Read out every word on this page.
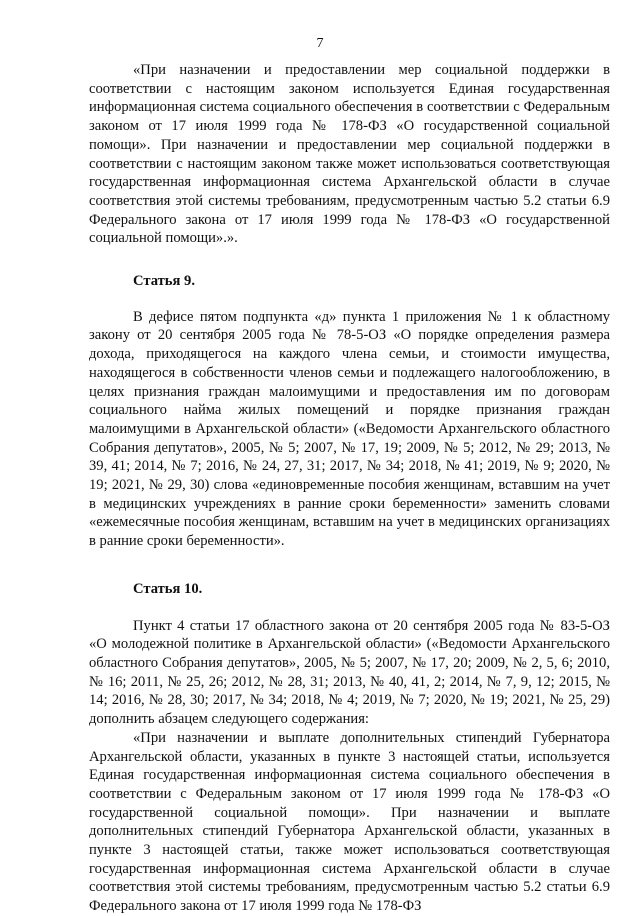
7

«При назначении и предоставлении мер социальной поддержки в соответствии с настоящим законом используется Единая государственная информационная система социального обеспечения в соответствии с Федеральным законом от 17 июля 1999 года № 178-ФЗ «О государственной социальной помощи». При назначении и предоставлении мер социальной поддержки в соответствии с настоящим законом также может использоваться соответствующая государственная информационная система Архангельской области в случае соответствия этой системы требованиям, предусмотренным частью 5.2 статьи 6.9 Федерального закона от 17 июля 1999 года № 178-ФЗ «О государственной социальной помощи».».

Статья 9.

В дефисе пятом подпункта «д» пункта 1 приложения № 1 к областному закону от 20 сентября 2005 года № 78-5-ОЗ «О порядке определения размера дохода, приходящегося на каждого члена семьи, и стоимости имущества, находящегося в собственности членов семьи и подлежащего налогообложению, в целях признания граждан малоимущими и предоставления им по договорам социального найма жилых помещений и порядке признания граждан малоимущими в Архангельской области» («Ведомости Архангельского областного Собрания депутатов», 2005, № 5; 2007, № 17, 19; 2009, № 5; 2012, № 29; 2013, № 39, 41; 2014, № 7; 2016, № 24, 27, 31; 2017, № 34; 2018, № 41; 2019, № 9; 2020, № 19; 2021, № 29, 30) слова «единовременные пособия женщинам, вставшим на учет в медицинских учреждениях в ранние сроки беременности» заменить словами «ежемесячные пособия женщинам, вставшим на учет в медицинских организациях в ранние сроки беременности».

Статья 10.

Пункт 4 статьи 17 областного закона от 20 сентября 2005 года № 83-5-ОЗ «О молодежной политике в Архангельской области» («Ведомости Архангельского областного Собрания депутатов», 2005, № 5; 2007, № 17, 20; 2009, № 2, 5, 6; 2010, № 16; 2011, № 25, 26; 2012, № 28, 31; 2013, № 40, 41, 2; 2014, № 7, 9, 12; 2015, № 14; 2016, № 28, 30; 2017, № 34; 2018, № 4; 2019, № 7; 2020, № 19; 2021, № 25, 29) дополнить абзацем следующего содержания:

«При назначении и выплате дополнительных стипендий Губернатора Архангельской области, указанных в пункте 3 настоящей статьи, используется Единая государственная информационная система социального обеспечения в соответствии с Федеральным законом от 17 июля 1999 года № 178-ФЗ «О государственной социальной помощи». При назначении и выплате дополнительных стипендий Губернатора Архангельской области, указанных в пункте 3 настоящей статьи, также может использоваться соответствующая государственная информационная система Архангельской области в случае соответствия этой системы требованиям, предусмотренным частью 5.2 статьи 6.9 Федерального закона от 17 июля 1999 года № 178-ФЗ
